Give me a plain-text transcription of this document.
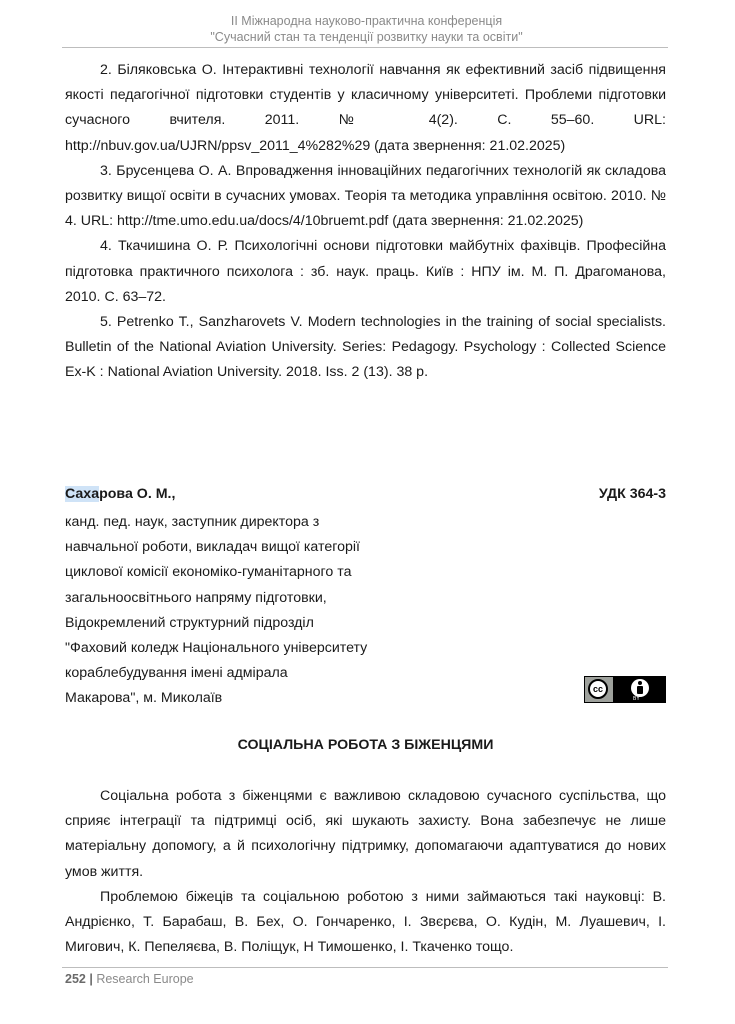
ІІ Міжнародна науково-практична конференція
"Сучасний стан та тенденції розвитку науки та освіти"

2. Біляковська О. Інтерактивні технології навчання як ефективний засіб підвищення якості педагогічної підготовки студентів у класичному університеті. Проблеми підготовки сучасного вчителя. 2011. № 4(2). С. 55–60. URL: http://nbuv.gov.ua/UJRN/ppsv_2011_4%282%29 (дата звернення: 21.02.2025)

3. Брусенцева О. А. Впровадження інноваційних педагогічних технологій як складова розвитку вищої освіти в сучасних умовах. Теорія та методика управління освітою. 2010. № 4. URL: http://tme.umo.edu.ua/docs/4/10bruemt.pdf (дата звернення: 21.02.2025)

4. Ткачишина О. Р. Психологічні основи підготовки майбутніх фахівців. Професійна підготовка практичного психолога : зб. наук. праць. Київ : НПУ ім. М. П. Драгоманова, 2010. С. 63–72.

5. Petrenko T., Sanzharovets V. Modern technologies in the training of social specialists. Bulletin of the National Aviation University. Series: Pedagogy. Psychology : Collected Science Ex-K : National Aviation University. 2018. Iss. 2 (13). 38 p.

Сахарова О. М.,	УДК 364-3
канд. пед. наук, заступник директора з
навчальної роботи, викладач вищої категорії
циклової комісії економіко-гуманітарного та
загальноосвітнього напряму підготовки,
Відокремлений структурний підрозділ
"Фаховий коледж Національного університету
кораблебудування імені адмірала
Макарова", м. Миколаїв
cc
BY
СОЦІАЛЬНА РОБОТА З БІЖЕНЦЯМИ

Соціальна робота з біженцями є важливою складовою сучасного суспільства, що сприяє інтеграції та підтримці осіб, які шукають захисту. Вона забезпечує не лише матеріальну допомогу, а й психологічну підтримку, допомагаючи адаптуватися до нових умов життя.

Проблемою біжеців та соціальною роботою з ними займаються такі науковці: В. Андрієнко, Т. Барабаш, В. Бех, О. Гончаренко, І. Звєрєва, О. Кудін, М. Луашевич, І. Мигович, К. Пепеляєва, В. Поліщук, Н Тимошенко, І. Ткаченко тощо.

252 | Research Europe
